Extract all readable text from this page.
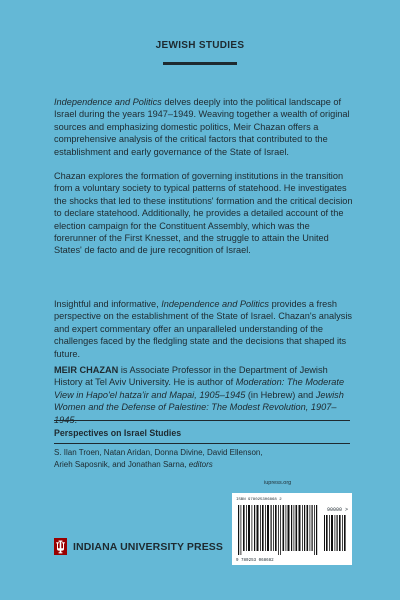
JEWISH STUDIES

Independence and Politics delves deeply into the political landscape of Israel during the years 1947–1949. Weaving together a wealth of original sources and emphasizing domestic politics, Meir Chazan offers a comprehensive analysis of the critical factors that contributed to the establishment and early governance of the State of Israel.

Chazan explores the formation of governing institutions in the transition from a voluntary society to typical patterns of statehood. He investigates the shocks that led to these institutions' formation and the critical decision to declare statehood. Additionally, he provides a detailed account of the election campaign for the Constituent Assembly, which was the forerunner of the First Knesset, and the struggle to attain the United States' de facto and de jure recognition of Israel.

Insightful and informative, Independence and Politics provides a fresh perspective on the establishment of the State of Israel. Chazan's analysis and expert commentary offer an unparalleled understanding of the challenges faced by the fledgling state and the decisions that shaped its future.

MEIR CHAZAN is Associate Professor in the Department of Jewish History at Tel Aviv University. He is author of Moderation: The Moderate View in Hapo'el hatza'ir and Mapai, 1905–1945 (in Hebrew) and Jewish Women and the Defense of Palestine: The Modest Revolution, 1907–

Perspectives on Israel Studies
S. Ilan Troen, Natan Aridan, Donna Divine, David Ellenson,
Arieh Saposnik, and Jonathan Sarna, editors
iupress.org
ISBN 978025306868 2
90000 >
9 780253 068682
INDIANA UNIVERSITY PRESS
